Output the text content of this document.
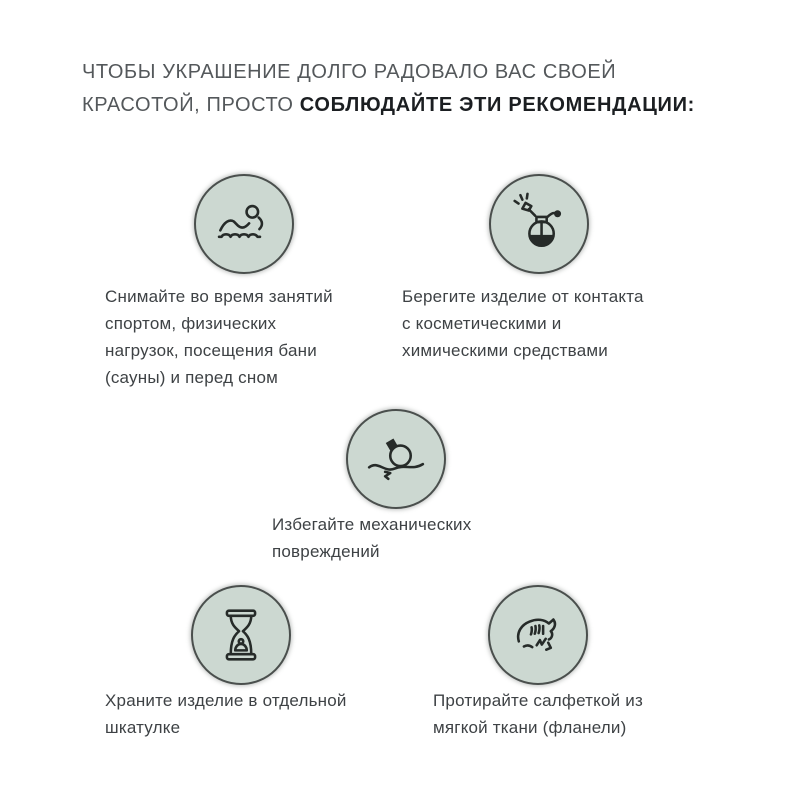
ЧТОБЫ УКРАШЕНИЕ ДОЛГО РАДОВАЛО ВАС СВОЕЙ
КРАСОТОЙ, ПРОСТО СОБЛЮДАЙТЕ ЭТИ РЕКОМЕНДАЦИИ:
Снимайте во время занятий
спортом, физических
нагрузок, посещения бани
(сауны) и перед сном
Берегите изделие от контакта
с косметическими и
химическими средствами
Избегайте механических
повреждений
Храните изделие в отдельной
шкатулке
Протирайте салфеткой из
мягкой ткани (фланели)
